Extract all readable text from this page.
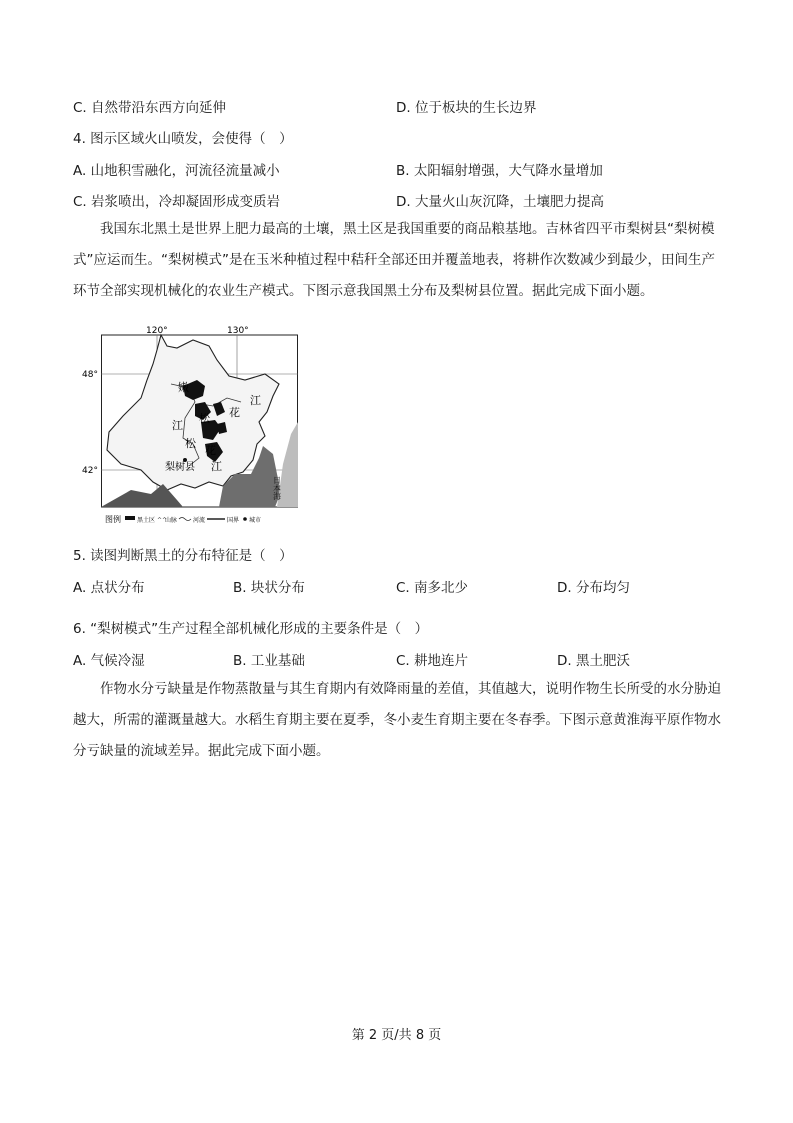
C. 自然带沿东西方向延伸	D. 位于板块的生长边界
4. 图示区域火山喷发，会使得（　）
A. 山地积雪融化，河流径流量减小	B. 太阳辐射增强，大气降水量增加
C. 岩浆喷出，冷却凝固形成变质岩	D. 大量火山灰沉降，土壤肥力提高
我国东北黑土是世界上肥力最高的土壤，黑土区是我国重要的商品粮基地。吉林省四平市梨树县“梨树模式”应运而生。“梨树模式”是在玉米种植过程中秸秆全部还田并覆盖地表，将耕作次数减少到最少，田间生产环节全部实现机械化的农业生产模式。下图示意我国黑土分布及梨树县位置。据此完成下面小题。
120°	130°
48°
42°
日本海
嫩
江
松 花
松
花
江
江
梨树县
图例	黑土区 ^^
山脉	河流	国界 城市
5. 读图判断黑土的分布特征是（　）
A. 点状分布	B. 块状分布	C. 南多北少	D. 分布均匀
6. “梨树模式”生产过程全部机械化形成的主要条件是（　）
A. 气候冷湿	B. 工业基础	C. 耕地连片	D. 黑土肥沃
作物水分亏缺量是作物蒸散量与其生育期内有效降雨量的差值，其值越大，说明作物生长所受的水分胁迫越大，所需的灌溉量越大。水稻生育期主要在夏季，冬小麦生育期主要在冬春季。下图示意黄淮海平原作物水分亏缺量的流域差异。据此完成下面小题。
第 2 页/共 8 页
